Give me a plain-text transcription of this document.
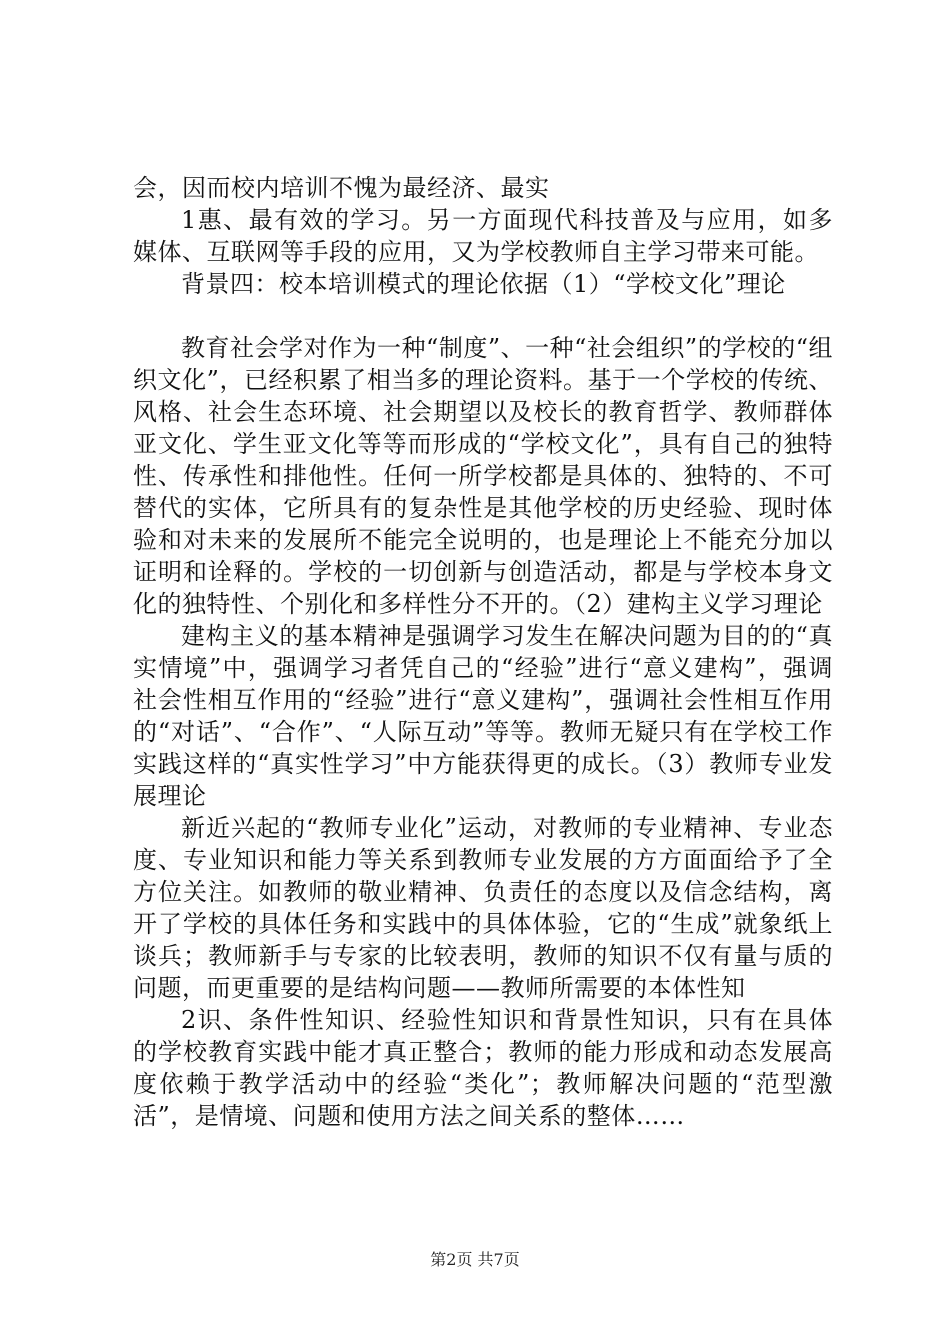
会，因而校内培训不愧为最经济、最实

1惠、最有效的学习。另一方面现代科技普及与应用，如多媒体、互联网等手段的应用，又为学校教师自主学习带来可能。

背景四：校本培训模式的理论依据（1）“学校文化”理论

教育社会学对作为一种“制度”、一种“社会组织”的学校的“组织文化”，已经积累了相当多的理论资料。基于一个学校的传统、风格、社会生态环境、社会期望以及校长的教育哲学、教师群体亚文化、学生亚文化等等而形成的“学校文化”，具有自己的独特性、传承性和排他性。任何一所学校都是具体的、独特的、不可替代的实体，它所具有的复杂性是其他学校的历史经验、现时体验和对未来的发展所不能完全说明的，也是理论上不能充分加以证明和诠释的。学校的一切创新与创造活动，都是与学校本身文化的独特性、个别化和多样性分不开的。（2）建构主义学习理论

建构主义的基本精神是强调学习发生在解决问题为目的的“真实情境”中，强调学习者凭自己的“经验”进行“意义建构”，强调社会性相互作用的“经验”进行“意义建构”，强调社会性相互作用的“对话”、“合作”、“人际互动”等等。教师无疑只有在学校工作实践这样的“真实性学习”中方能获得更的成长。（3）教师专业发展理论

新近兴起的“教师专业化”运动，对教师的专业精神、专业态度、专业知识和能力等关系到教师专业发展的方方面面给予了全方位关注。如教师的敬业精神、负责任的态度以及信念结构，离开了学校的具体任务和实践中的具体体验，它的“生成”就象纸上谈兵；教师新手与专家的比较表明，教师的知识不仅有量与质的问题，而更重要的是结构问题——教师所需要的本体性知

2识、条件性知识、经验性知识和背景性知识，只有在具体的学校教育实践中能才真正整合；教师的能力形成和动态发展高度依赖于教学活动中的经验“类化”；教师解决问题的“范型激活”，是情境、问题和使用方法之间关系的整体……

第2页 共7页
